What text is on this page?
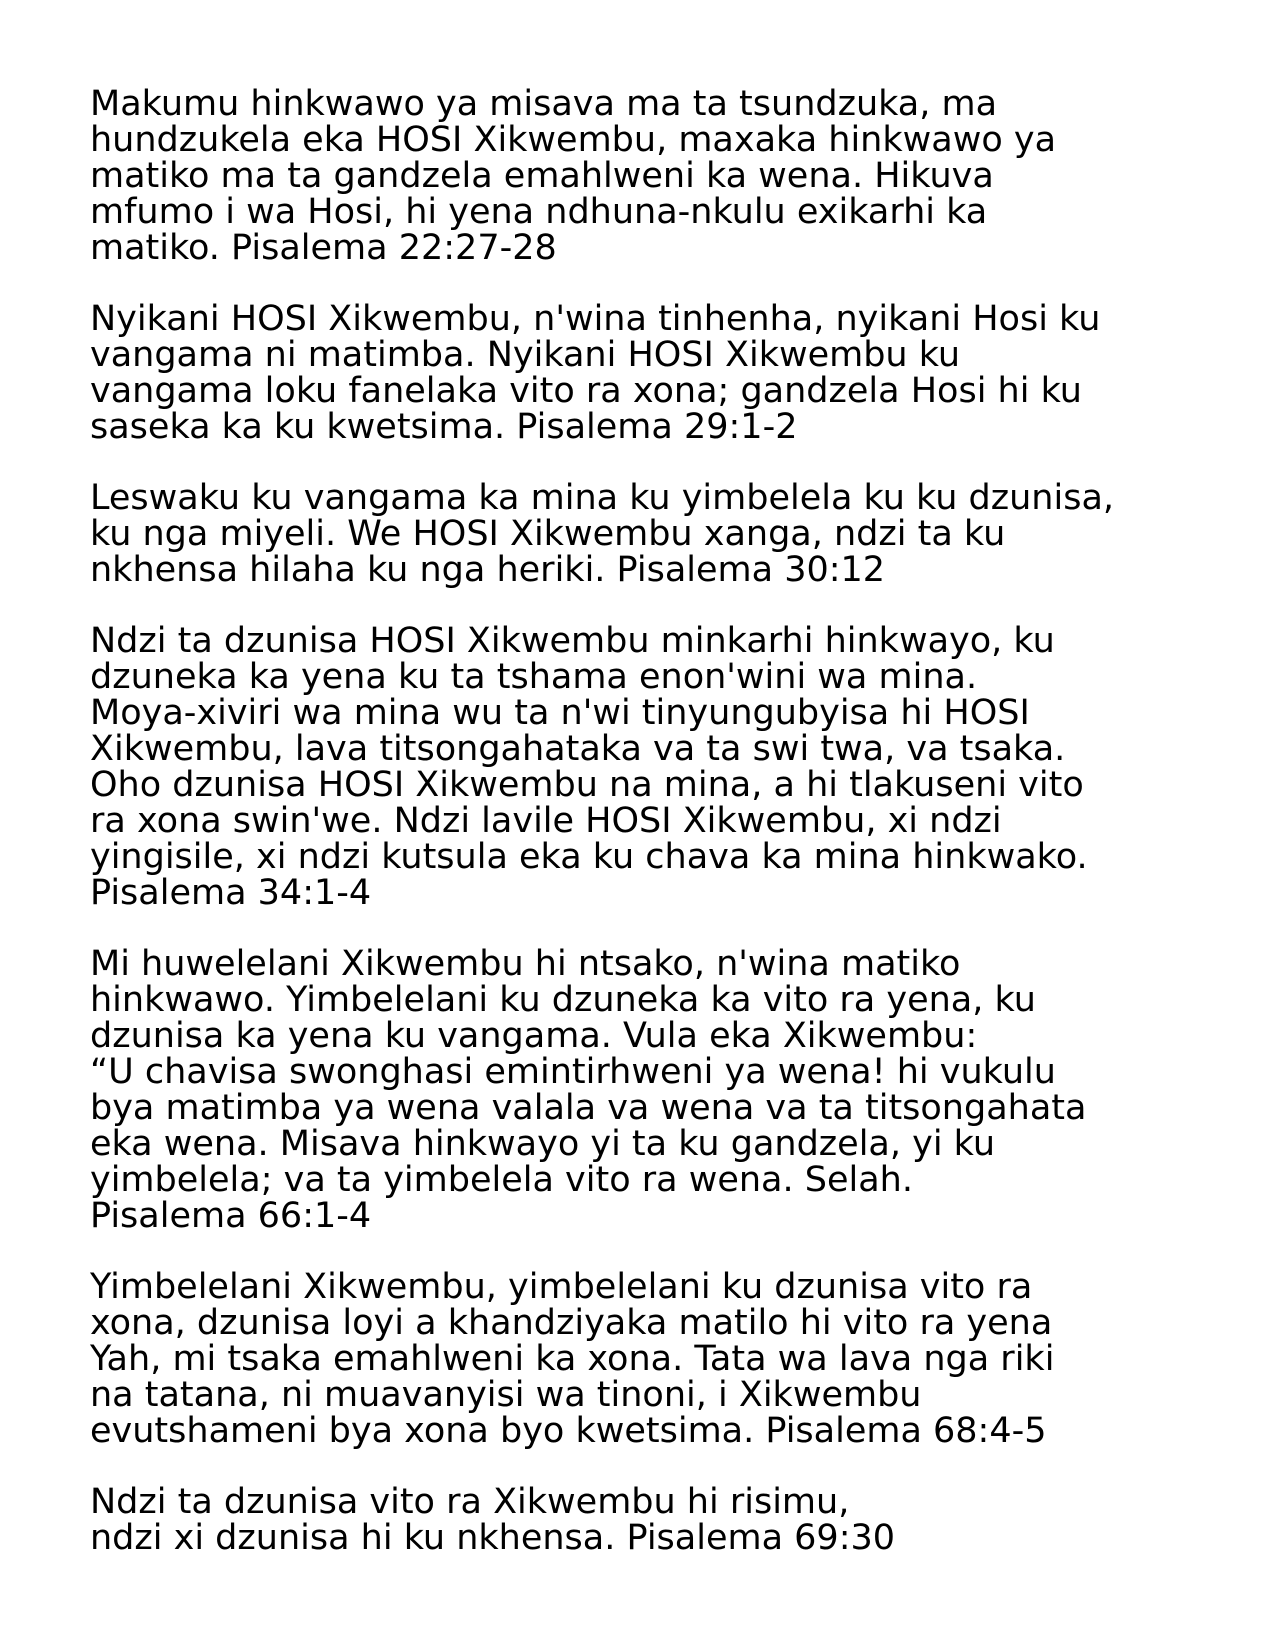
Makumu hinkwawo ya misava ma ta tsundzuka, ma
hundzukela eka HOSI Xikwembu, maxaka hinkwawo ya
matiko ma ta gandzela emahlweni ka wena. Hikuva
mfumo i wa Hosi, hi yena ndhuna-nkulu exikarhi ka
matiko. Pisalema 22:27-28

Nyikani HOSI Xikwembu, n'wina tinhenha, nyikani Hosi ku
vangama ni matimba. Nyikani HOSI Xikwembu ku
vangama loku fanelaka vito ra xona; gandzela Hosi hi ku
saseka ka ku kwetsima. Pisalema 29:1-2

Leswaku ku vangama ka mina ku yimbelela ku ku dzunisa,
ku nga miyeli. We HOSI Xikwembu xanga, ndzi ta ku
nkhensa hilaha ku nga heriki. Pisalema 30:12

Ndzi ta dzunisa HOSI Xikwembu minkarhi hinkwayo, ku
dzuneka ka yena ku ta tshama enon'wini wa mina.
Moya-xiviri wa mina wu ta n'wi tinyungubyisa hi HOSI
Xikwembu, lava titsongahataka va ta swi twa, va tsaka.
Oho dzunisa HOSI Xikwembu na mina, a hi tlakuseni vito
ra xona swin'we. Ndzi lavile HOSI Xikwembu, xi ndzi
yingisile, xi ndzi kutsula eka ku chava ka mina hinkwako.
Pisalema 34:1-4

Mi huwelelani Xikwembu hi ntsako, n'wina matiko
hinkwawo. Yimbelelani ku dzuneka ka vito ra yena, ku
dzunisa ka yena ku vangama. Vula eka Xikwembu:
“U chavisa swonghasi emintirhweni ya wena! hi vukulu
bya matimba ya wena valala va wena va ta titsongahata
eka wena. Misava hinkwayo yi ta ku gandzela, yi ku
yimbelela; va ta yimbelela vito ra wena. Selah.
Pisalema 66:1-4

Yimbelelani Xikwembu, yimbelelani ku dzunisa vito ra
xona, dzunisa loyi a khandziyaka matilo hi vito ra yena
Yah, mi tsaka emahlweni ka xona. Tata wa lava nga riki
na tatana, ni muavanyisi wa tinoni, i Xikwembu
evutshameni bya xona byo kwetsima. Pisalema 68:4-5

Ndzi ta dzunisa vito ra Xikwembu hi risimu,
ndzi xi dzunisa hi ku nkhensa. Pisalema 69:30
